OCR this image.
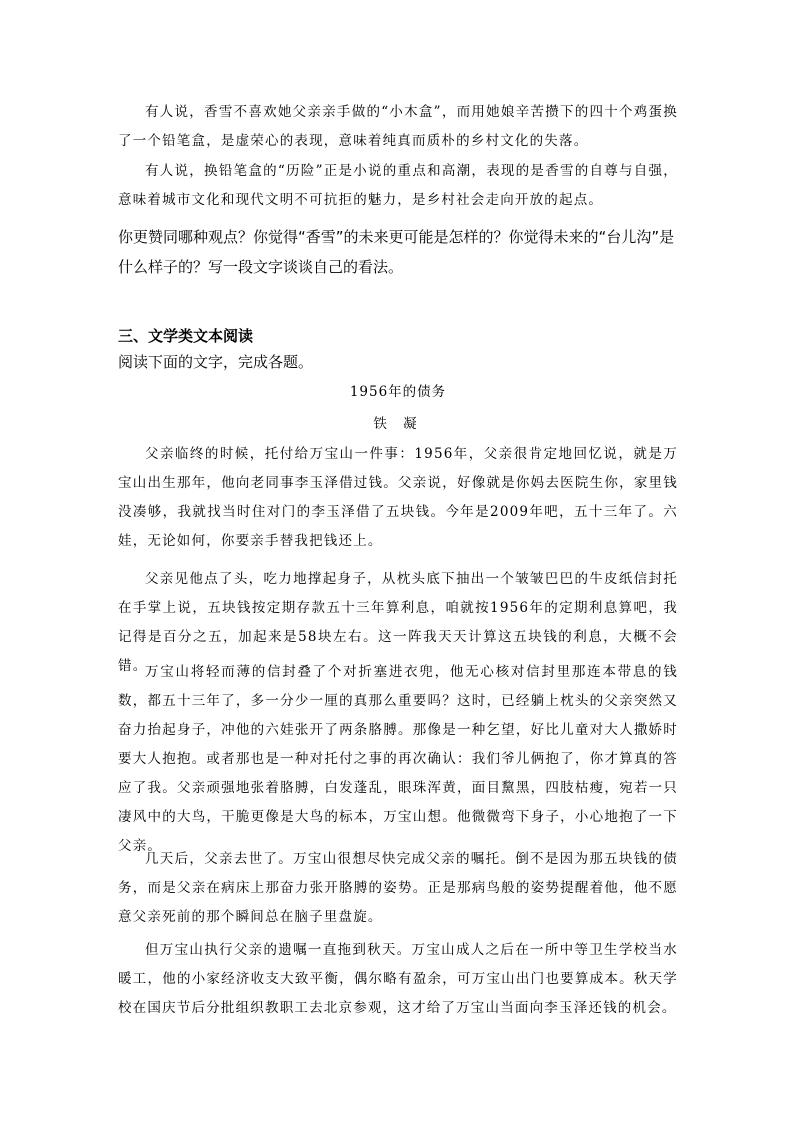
有人说，香雪不喜欢她父亲亲手做的“小木盒”，而用她娘辛苦攒下的四十个鸡蛋换了一个铅笔盒，是虚荣心的表现，意味着纯真而质朴的乡村文化的失落。

有人说，换铅笔盒的“历险”正是小说的重点和高潮，表现的是香雪的自尊与自强，意味着城市文化和现代文明不可抗拒的魅力，是乡村社会走向开放的起点。

你更赞同哪种观点？你觉得“香雪”的未来更可能是怎样的？你觉得未来的“台儿沟”是什么样子的？写一段文字谈谈自己的看法。

三、文学类文本阅读

阅读下面的文字，完成各题。

1956年的债务

铁 凝

父亲临终的时候，托付给万宝山一件事：1956年，父亲很肯定地回忆说，就是万宝山出生那年，他向老同事李玉泽借过钱。父亲说，好像就是你妈去医院生你，家里钱没凑够，我就找当时住对门的李玉泽借了五块钱。今年是2009年吧，五十三年了。六娃，无论如何，你要亲手替我把钱还上。

父亲见他点了头，吃力地撑起身子，从枕头底下抽出一个皱皱巴巴的牛皮纸信封托在手掌上说，五块钱按定期存款五十三年算利息，咱就按1956年的定期利息算吧，我记得是百分之五，加起来是58块左右。这一阵我天天计算这五块钱的利息，大概不会错。

万宝山将轻而薄的信封叠了个对折塞进衣兜，他无心核对信封里那连本带息的钱数，都五十三年了，多一分少一厘的真那么重要吗？这时，已经躺上枕头的父亲突然又奋力抬起身子，冲他的六娃张开了两条胳膊。那像是一种乞望，好比儿童对大人撒娇时要大人抱抱。或者那也是一种对托付之事的再次确认：我们爷儿俩抱了，你才算真的答应了我。父亲顽强地张着胳膊，白发蓬乱，眼珠浑黄，面目黧黑，四肢枯瘦，宛若一只凄风中的大鸟，干脆更像是大鸟的标本，万宝山想。他微微弯下身子，小心地抱了一下父亲。

几天后，父亲去世了。万宝山很想尽快完成父亲的嘱托。倒不是因为那五块钱的债务，而是父亲在病床上那奋力张开胳膊的姿势。正是那病鸟般的姿势提醒着他，他不愿意父亲死前的那个瞬间总在脑子里盘旋。

但万宝山执行父亲的遗嘱一直拖到秋天。万宝山成人之后在一所中等卫生学校当水暖工，他的小家经济收支大致平衡，偶尔略有盈余，可万宝山出门也要算成本。秋天学校在国庆节后分批组织教职工去北京参观，这才给了万宝山当面向李玉泽还钱的机会。
